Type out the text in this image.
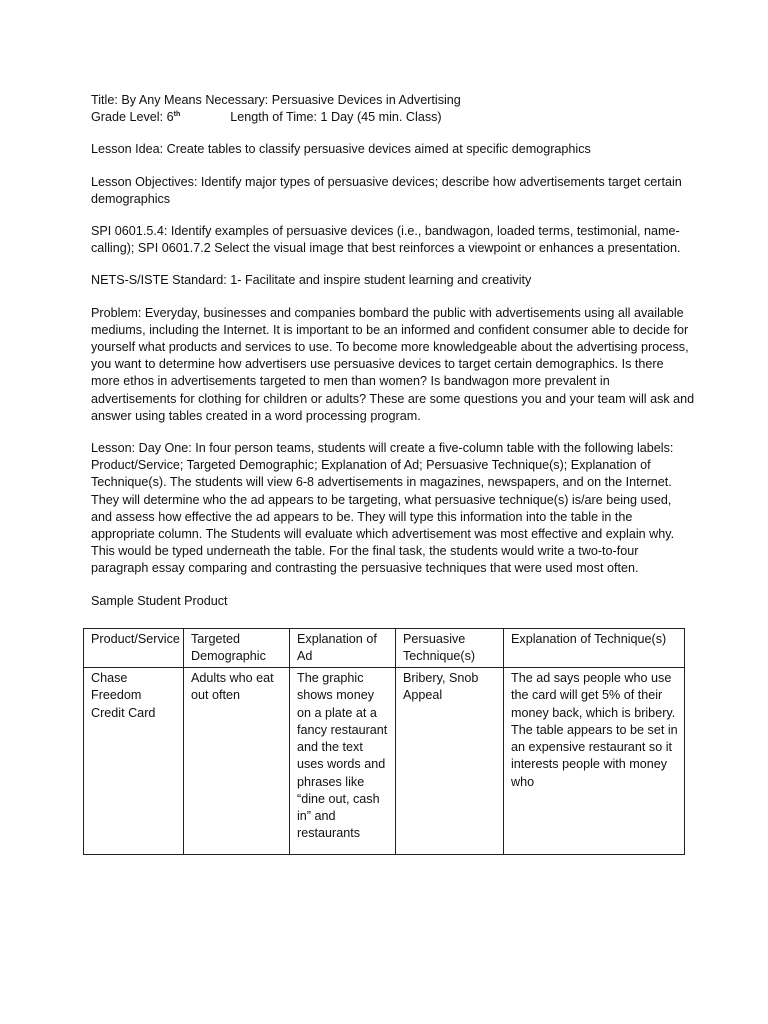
Title: By Any Means Necessary: Persuasive Devices in Advertising

Grade Level: 6th	Length of Time: 1 Day (45 min. Class)

Lesson Idea: Create tables to classify persuasive devices aimed at specific demographics

Lesson Objectives: Identify major types of persuasive devices; describe how advertisements target certain demographics

SPI 0601.5.4: Identify examples of persuasive devices (i.e., bandwagon, loaded terms, testimonial, name-calling); SPI 0601.7.2 Select the visual image that best reinforces a viewpoint or enhances a presentation.

NETS-S/ISTE Standard: 1- Facilitate and inspire student learning and creativity

Problem: Everyday, businesses and companies bombard the public with advertisements using all available mediums, including the Internet. It is important to be an informed and confident consumer able to decide for yourself what products and services to use. To become more knowledgeable about the advertising process, you want to determine how advertisers use persuasive devices to target certain demographics. Is there more ethos in advertisements targeted to men than women? Is bandwagon more prevalent in advertisements for clothing for children or adults? These are some questions you and your team will ask and answer using tables created in a word processing program.

Lesson: Day One: In four person teams, students will create a five-column table with the following labels: Product/Service; Targeted Demographic; Explanation of Ad; Persuasive Technique(s); Explanation of Technique(s). The students will view 6-8 advertisements in magazines, newspapers, and on the Internet. They will determine who the ad appears to be targeting, what persuasive technique(s) is/are being used, and assess how effective the ad appears to be. They will type this information into the table in the appropriate column. The Students will evaluate which advertisement was most effective and explain why. This would be typed underneath the table. For the final task, the students would write a two-to-four paragraph essay comparing and contrasting the persuasive techniques that were used most often.

Sample Student Product

Product/Service	Targeted Demographic	Explanation of Ad	Persuasive Technique(s)	Explanation of Technique(s)

Chase Freedom Credit Card	Adults who eat out often	The graphic shows money on a plate at a fancy restaurant and the text uses words and phrases like “dine out, cash in” and restaurants	Bribery, Snob Appeal	The ad says people who use the card will get 5% of their money back, which is bribery. The table appears to be set in an expensive restaurant so it interests people with money who
